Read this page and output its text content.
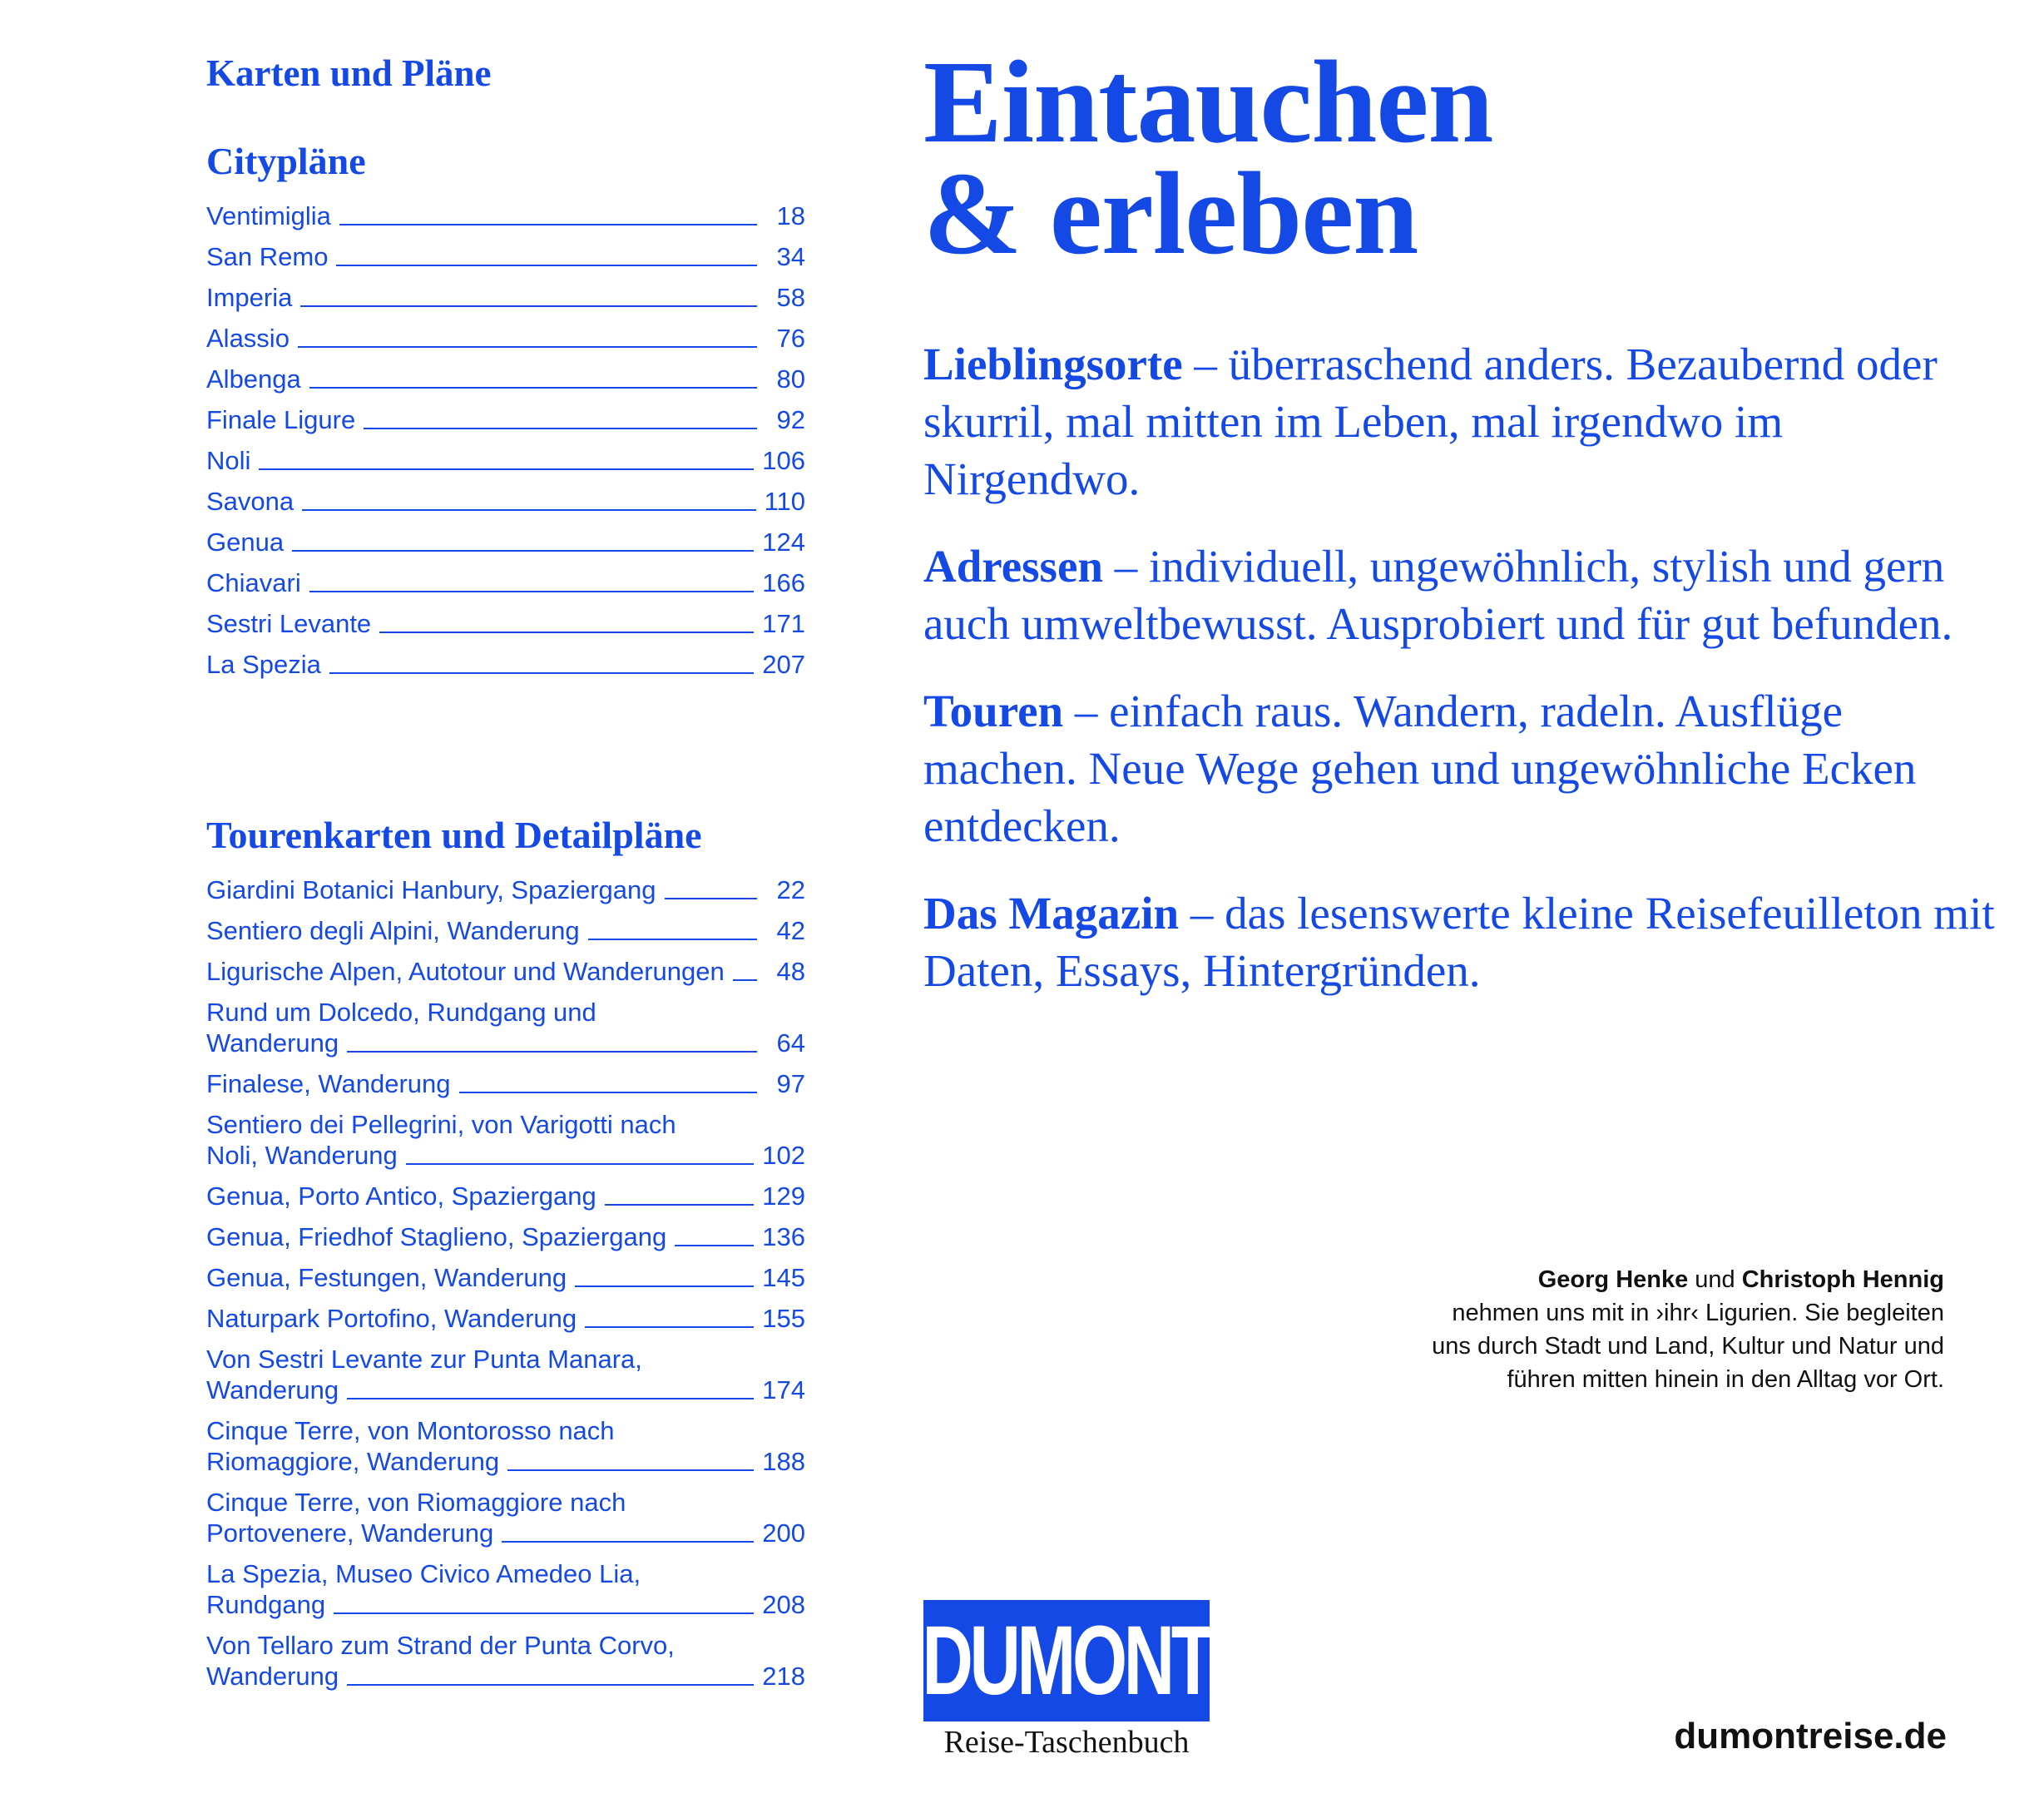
Karten und Pläne
Citypläne
Ventimiglia	18
San Remo	34
Imperia	58
Alassio	76
Albenga	80
Finale Ligure	92
Noli	106
Savona	110
Genua	124
Chiavari	166
Sestri Levante	171
La Spezia	207
Tourenkarten und Detailpläne
Giardini Botanici Hanbury, Spaziergang	22
Sentiero degli Alpini, Wanderung	42
Ligurische Alpen, Autotour und Wanderungen	48
Rund um Dolcedo, Rundgang und
Wanderung	64
Finalese, Wanderung	97
Sentiero dei Pellegrini, von Varigotti nach
Noli, Wanderung	102
Genua, Porto Antico, Spaziergang	129
Genua, Friedhof Staglieno, Spaziergang	136
Genua, Festungen, Wanderung	145
Naturpark Portofino, Wanderung	155
Von Sestri Levante zur Punta Manara,
Wanderung	174
Cinque Terre, von Montorosso nach
Riomaggiore, Wanderung	188
Cinque Terre, von Riomaggiore nach
Portovenere, Wanderung	200
La Spezia, Museo Civico Amedeo Lia,
Rundgang	208
Von Tellaro zum Strand der Punta Corvo,
Wanderung	218
Eintauchen
& erleben

Lieblingsorte – überraschend anders. Bezaubernd oder skurril, mal mitten im Leben, mal irgendwo im Nirgendwo.

Adressen – individuell, ungewöhnlich, stylish und gern auch umweltbewusst. Ausprobiert und für gut befunden.

Touren – einfach raus. Wandern, radeln. Ausflüge machen. Neue Wege gehen und ungewöhnliche Ecken entdecken.

Das Magazin – das lesenswerte kleine Reisefeuilleton mit Daten, Essays, Hintergründen.

Georg Henke und Christoph Hennig
nehmen uns mit in ›ihr‹ Ligurien. Sie begleiten uns durch Stadt und Land, Kultur und Natur und führen mitten hinein in den Alltag vor Ort.
DUMONT
Reise-Taschenbuch	dumontreise.de
